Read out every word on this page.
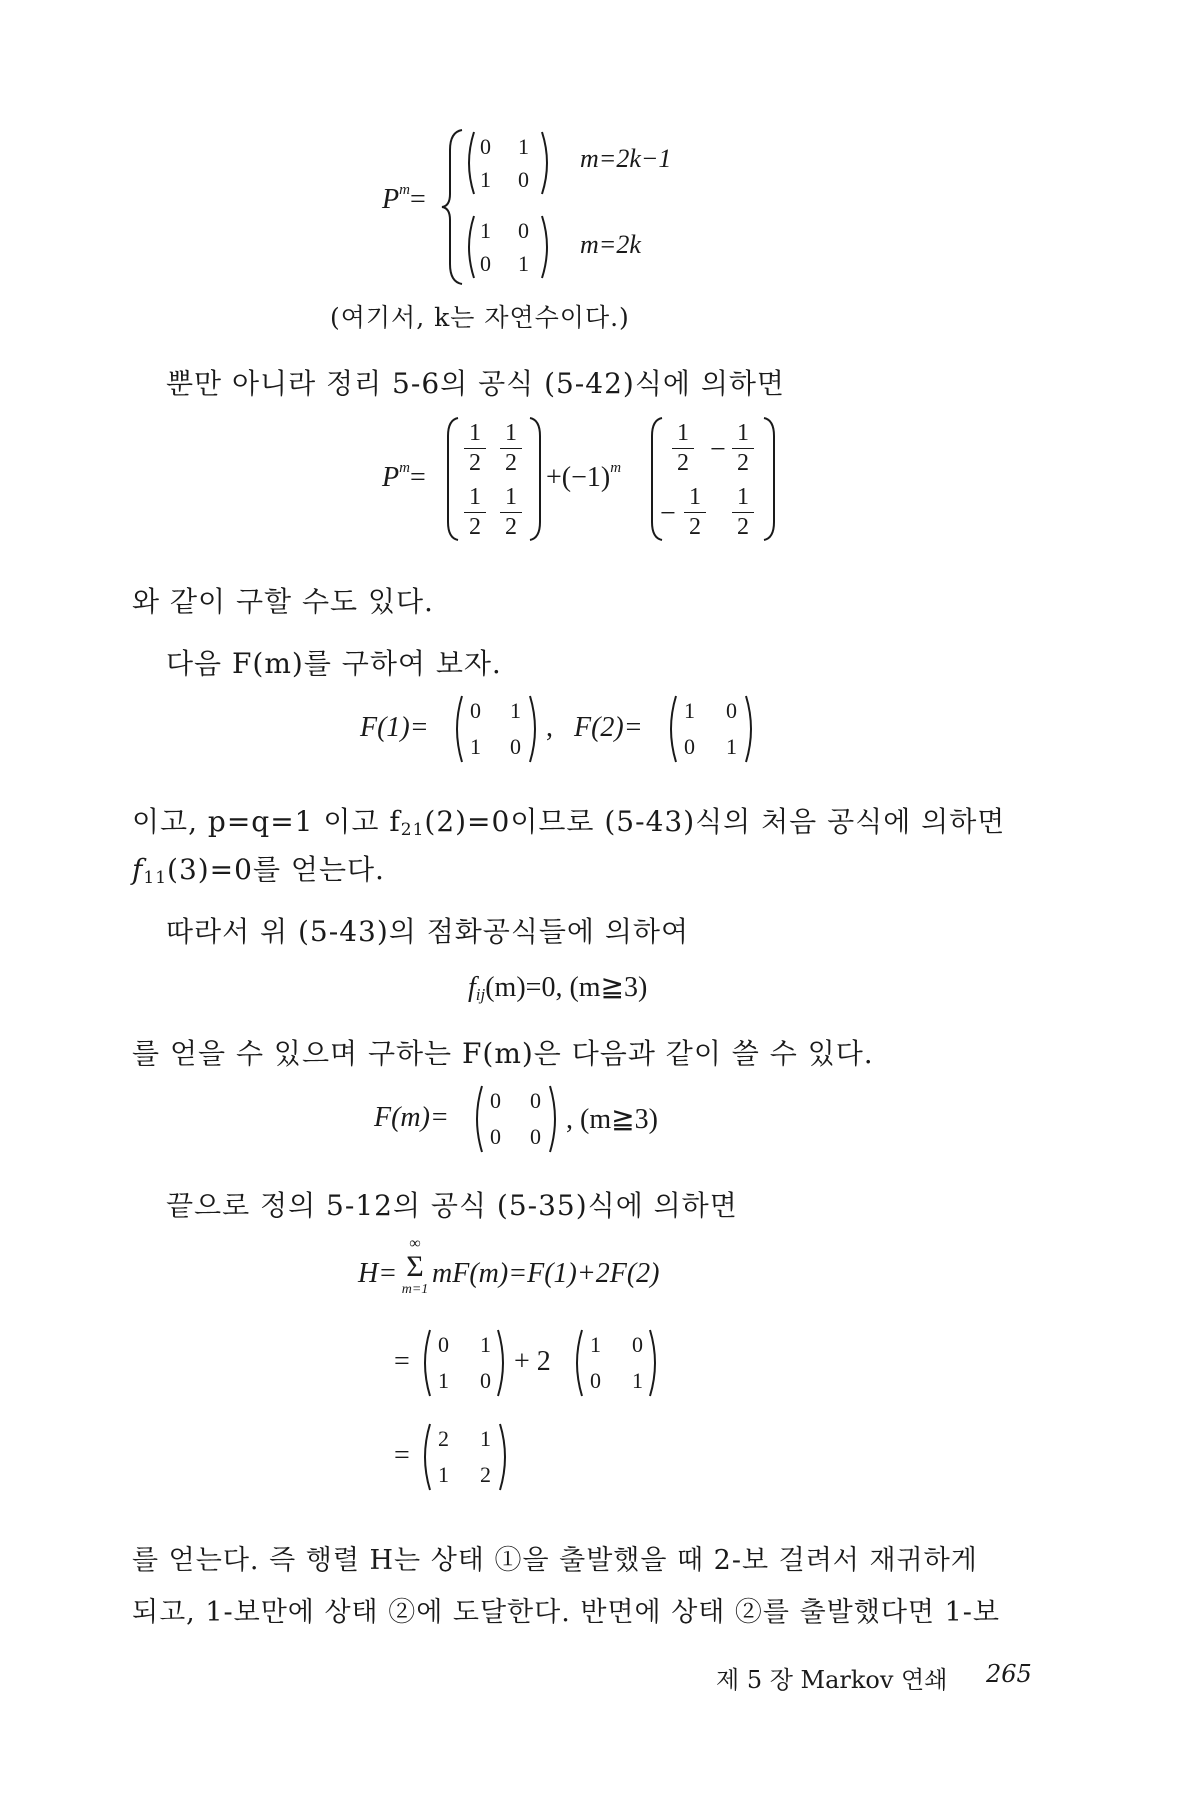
$P^m=$
0 1
1 0
m=2k−1
1 0
0 1
m=2k
(여기서, k는 자연수이다.)
뿐만 아니라 정리 5-6의 공식 (5-42)식에 의하면
$P^m=$
1
2
1
2
1
2
1
2
$+(-1)^m$
1
2 −
1
2
−
1
2
1
2
와 같이 구할 수도 있다.
다음 F(m)를 구하여 보자.
F(1)=
0 1
1 0
, F(2)=
1 0
0 1
이고, p=q=1 이고 $f_{21}(2)=0$이므로 (5-43)식의 처음 공식에 의하면
$f_{11}(3)=0$를 얻는다.
따라서 위 (5-43)의 점화공식들에 의하여
$f_{ij}(m)=0$, (m≧3)
를 얻을 수 있으며 구하는 F(m)은 다음과 같이 쓸 수 있다.
F(m)=
0 0
0 0
, (m≧3)
끝으로 정의 5-12의 공식 (5-35)식에 의하면
H=
∞
Σ
m=1
mF(m)=F(1)+2F(2)
=
0 1
1 0
+ 2
1 0
0 1
=
2 1
1 2
를 얻는다. 즉 행렬 H는 상태 ①을 출발했을 때 2-보 걸려서 재귀하게
되고, 1-보만에 상태 ②에 도달한다. 반면에 상태 ②를 출발했다면 1-보
제 5 장 Markov 연쇄 265
